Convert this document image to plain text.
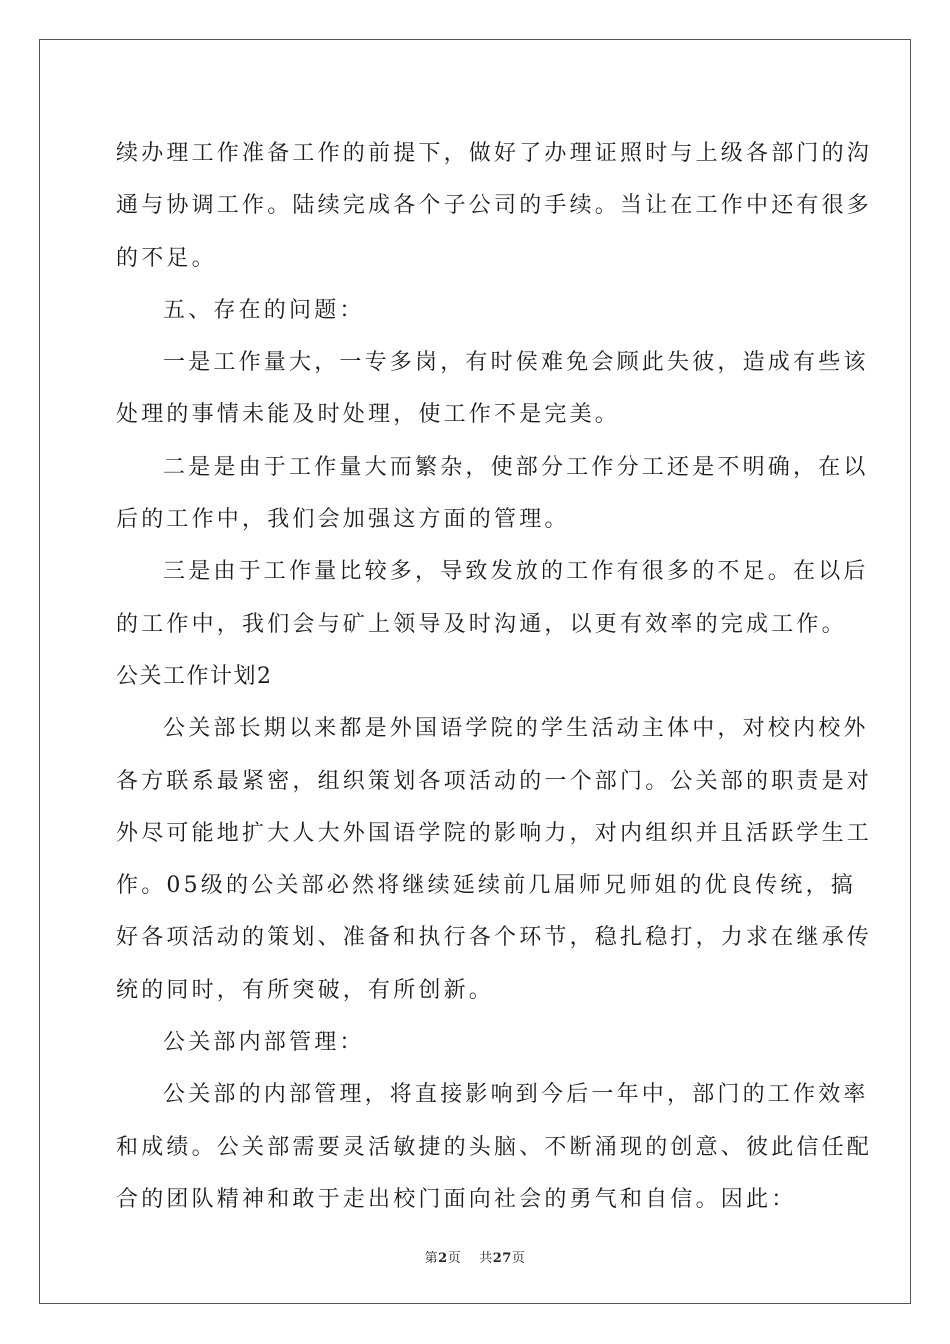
续办理工作准备工作的前提下，做好了办理证照时与上级各部门的沟
通与协调工作。陆续完成各个子公司的手续。当让在工作中还有很多
的不足。
五、存在的问题：
一是工作量大，一专多岗，有时侯难免会顾此失彼，造成有些该
处理的事情未能及时处理，使工作不是完美。
二是是由于工作量大而繁杂，使部分工作分工还是不明确，在以
后的工作中，我们会加强这方面的管理。
三是由于工作量比较多，导致发放的工作有很多的不足。在以后
的工作中，我们会与矿上领导及时沟通，以更有效率的完成工作。
公关工作计划2
公关部长期以来都是外国语学院的学生活动主体中，对校内校外
各方联系最紧密，组织策划各项活动的一个部门。公关部的职责是对
外尽可能地扩大人大外国语学院的影响力，对内组织并且活跃学生工
作。05级的公关部必然将继续延续前几届师兄师姐的优良传统，搞
好各项活动的策划、准备和执行各个环节，稳扎稳打，力求在继承传
统的同时，有所突破，有所创新。
公关部内部管理：
公关部的内部管理，将直接影响到今后一年中，部门的工作效率
和成绩。公关部需要灵活敏捷的头脑、不断涌现的创意、彼此信任配
合的团队精神和敢于走出校门面向社会的勇气和自信。因此：
第2页 共27页
